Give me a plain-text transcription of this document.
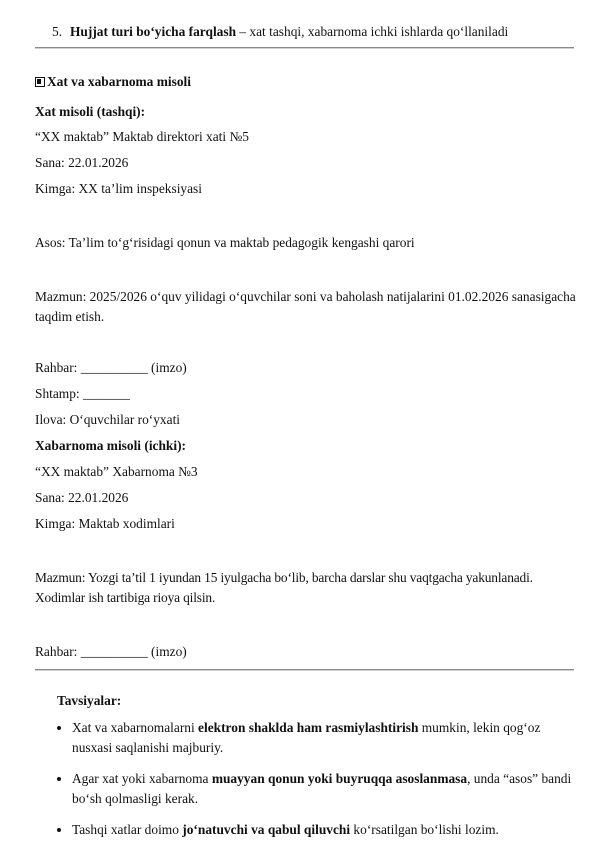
5. Hujjat turi bo‘yicha farqlash – xat tashqi, xabarnoma ichki ishlarda qo‘llaniladi
Xat va xabarnoma misoli
Xat misoli (tashqi):
“XX maktab” Maktab direktori xati №5
Sana: 22.01.2026
Kimga: XX ta’lim inspeksiyasi
Asos: Ta’lim to‘g‘risidagi qonun va maktab pedagogik kengashi qarori
Mazmun: 2025/2026 o‘quv yilidagi o‘quvchilar soni va baholash natijalarini 01.02.2026 sanasigacha taqdim etish.
Rahbar: __________ (imzo)
Shtamp: _______
Ilova: O‘quvchilar ro‘yxati
Xabarnoma misoli (ichki):
“XX maktab” Xabarnoma №3
Sana: 22.01.2026
Kimga: Maktab xodimlari
Mazmun: Yozgi ta’til 1 iyundan 15 iyulgacha bo‘lib, barcha darslar shu vaqtgacha yakunlanadi. Xodimlar ish tartibiga rioya qilsin.
Rahbar: __________ (imzo)
Tavsiyalar:
Xat va xabarnomalarni elektron shaklda ham rasmiylashtirish mumkin, lekin qog‘oz nusxasi saqlanishi majburiy.
Agar xat yoki xabarnoma muayyan qonun yoki buyruqqa asoslanmasa, unda “asos” bandi bo‘sh qolmasligi kerak.
Tashqi xatlar doimo jo‘natuvchi va qabul qiluvchi ko‘rsatilgan bo‘lishi lozim.
